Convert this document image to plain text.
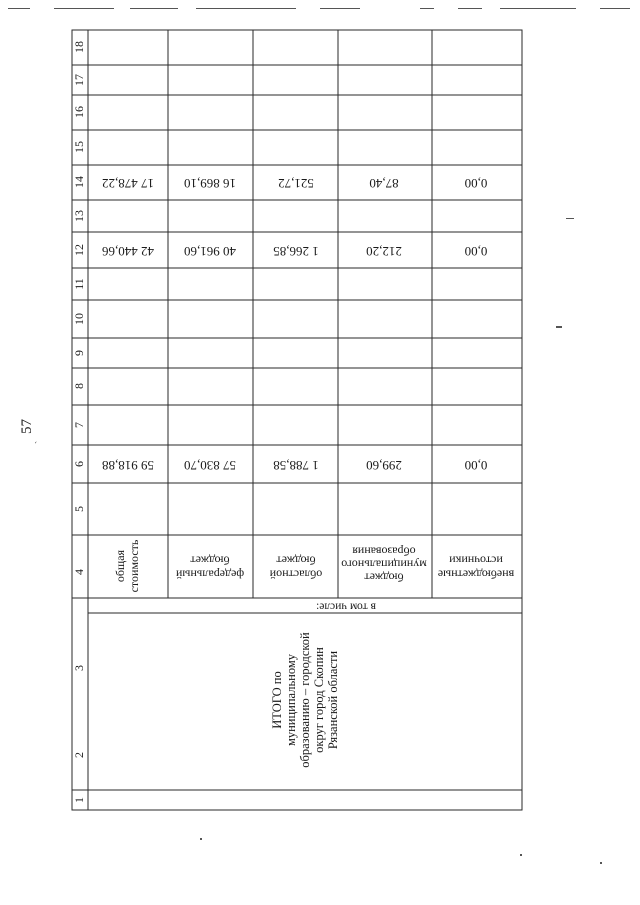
57
ˎ
1
2
3
4
5
6
7
8
9
10
11
12
13
14
15
16
17
18
ИТОГО по муниципальному образованию – городской округ город Скопин Рязанской области
в том числе:
общая стоимость
59 918,88
42 440,66
17 478,22
федеральный
бюджет
57 830,70
40 961,60
16 869,10
областной
бюджет
1 788,58
1 266,85
521,72
бюджет
муниципального
образования
299,60
212,20
87,40
внебюджетные
источники
0,00
0,00
0,00
